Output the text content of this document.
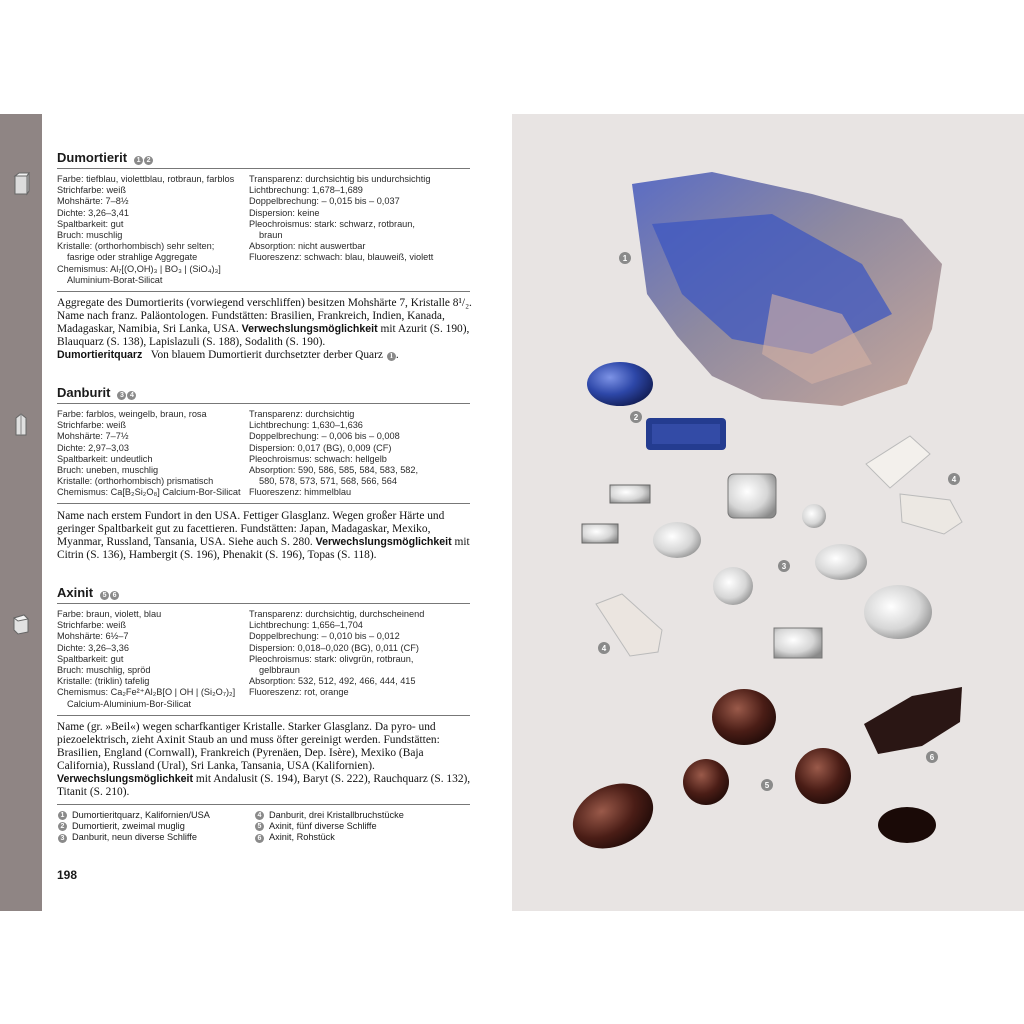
Dumortierit	1 2
Farbe: tiefblau, violettblau, rotbraun, farblos
Strichfarbe: weiß
Mohshärte: 7–8½
Dichte: 3,26–3,41
Spaltbarkeit: gut
Bruch: muschlig
Kristalle: (orthorhombisch) sehr selten;
fasrige oder strahlige Aggregate
Chemismus: Al₇[(O,OH)₃ | BO₃ | (SiO₄)₃]
Aluminium-Borat-Silicat
Transparenz: durchsichtig bis undurchsichtig
Lichtbrechung: 1,678–1,689
Doppelbrechung: – 0,015 bis – 0,037
Dispersion: keine
Pleochroismus: stark: schwarz, rotbraun,
braun
Absorption: nicht auswertbar
Fluoreszenz: schwach: blau, blauweiß, violett

Aggregate des Dumortierits (vorwiegend verschliffen) besitzen Mohshärte 7, Kristalle 8¹/₂. Name nach franz. Paläontologen. Fundstätten: Brasilien, Frankreich, Indien, Kanada, Madagaskar, Namibia, Sri Lanka, USA. Verwechslungsmöglichkeit mit Azurit (S. 190), Blauquarz (S. 138), Lapislazuli (S. 188), Sodalith (S. 190).

Dumortieritquarz Von blauem Dumortierit durchsetzter derber Quarz 1 .

Danburit	3 4
Farbe: farblos, weingelb, braun, rosa
Strichfarbe: weiß
Mohshärte: 7–7½
Dichte: 2,97–3,03
Spaltbarkeit: undeutlich
Bruch: uneben, muschlig
Kristalle: (orthorhombisch) prismatisch
Chemismus: Ca[B₂Si₂O₈] Calcium-Bor-Silicat
Transparenz: durchsichtig
Lichtbrechung: 1,630–1,636
Doppelbrechung: – 0,006 bis – 0,008
Dispersion: 0,017 (BG), 0,009 (CF)
Pleochroismus: schwach: hellgelb
Absorption: 590, 586, 585, 584, 583, 582,
580, 578, 573, 571, 568, 566, 564
Fluoreszenz: himmelblau

Name nach erstem Fundort in den USA. Fettiger Glasglanz. Wegen großer Härte und geringer Spaltbarkeit gut zu facettieren. Fundstätten: Japan, Madagaskar, Mexiko, Myanmar, Russland, Tansania, USA. Siehe auch S. 280. Verwechslungsmöglichkeit mit Citrin (S. 136), Hambergit (S. 196), Phenakit (S. 196), Topas (S. 118).

Axinit	5 6
Farbe: braun, violett, blau
Strichfarbe: weiß
Mohshärte: 6½–7
Dichte: 3,26–3,36
Spaltbarkeit: gut
Bruch: muschlig, spröd
Kristalle: (triklin) tafelig
Chemismus: Ca₂Fe²⁺Al₂B[O | OH | (Si₂O₇)₂]
Calcium-Aluminium-Bor-Silicat
Transparenz: durchsichtig, durchscheinend
Lichtbrechung: 1,656–1,704
Doppelbrechung: – 0,010 bis – 0,012
Dispersion: 0,018–0,020 (BG), 0,011 (CF)
Pleochroismus: stark: olivgrün, rotbraun,
gelbbraun
Absorption: 532, 512, 492, 466, 444, 415
Fluoreszenz: rot, orange

Name (gr. »Beil«) wegen scharfkantiger Kristalle. Starker Glasglanz. Da pyro- und piezoelektrisch, zieht Axinit Staub an und muss öfter gereinigt werden. Fundstätten: Brasilien, England (Cornwall), Frankreich (Pyrenäen, Dep. Isère), Mexiko (Baja California), Russland (Ural), Sri Lanka, Tansania, USA (Kalifornien). Verwechslungsmöglichkeit mit Andalusit (S. 194), Baryt (S. 222), Rauchquarz (S. 132), Titanit (S. 210).

1 Dumortieritquarz, Kalifornien/USA
2 Dumortierit, zweimal muglig
3 Danburit, neun diverse Schliffe
4 Danburit, drei Kristallbruchstücke
5 Axinit, fünf diverse Schliffe
6 Axinit, Rohstück
198
1
2
3
4
4
5
6
